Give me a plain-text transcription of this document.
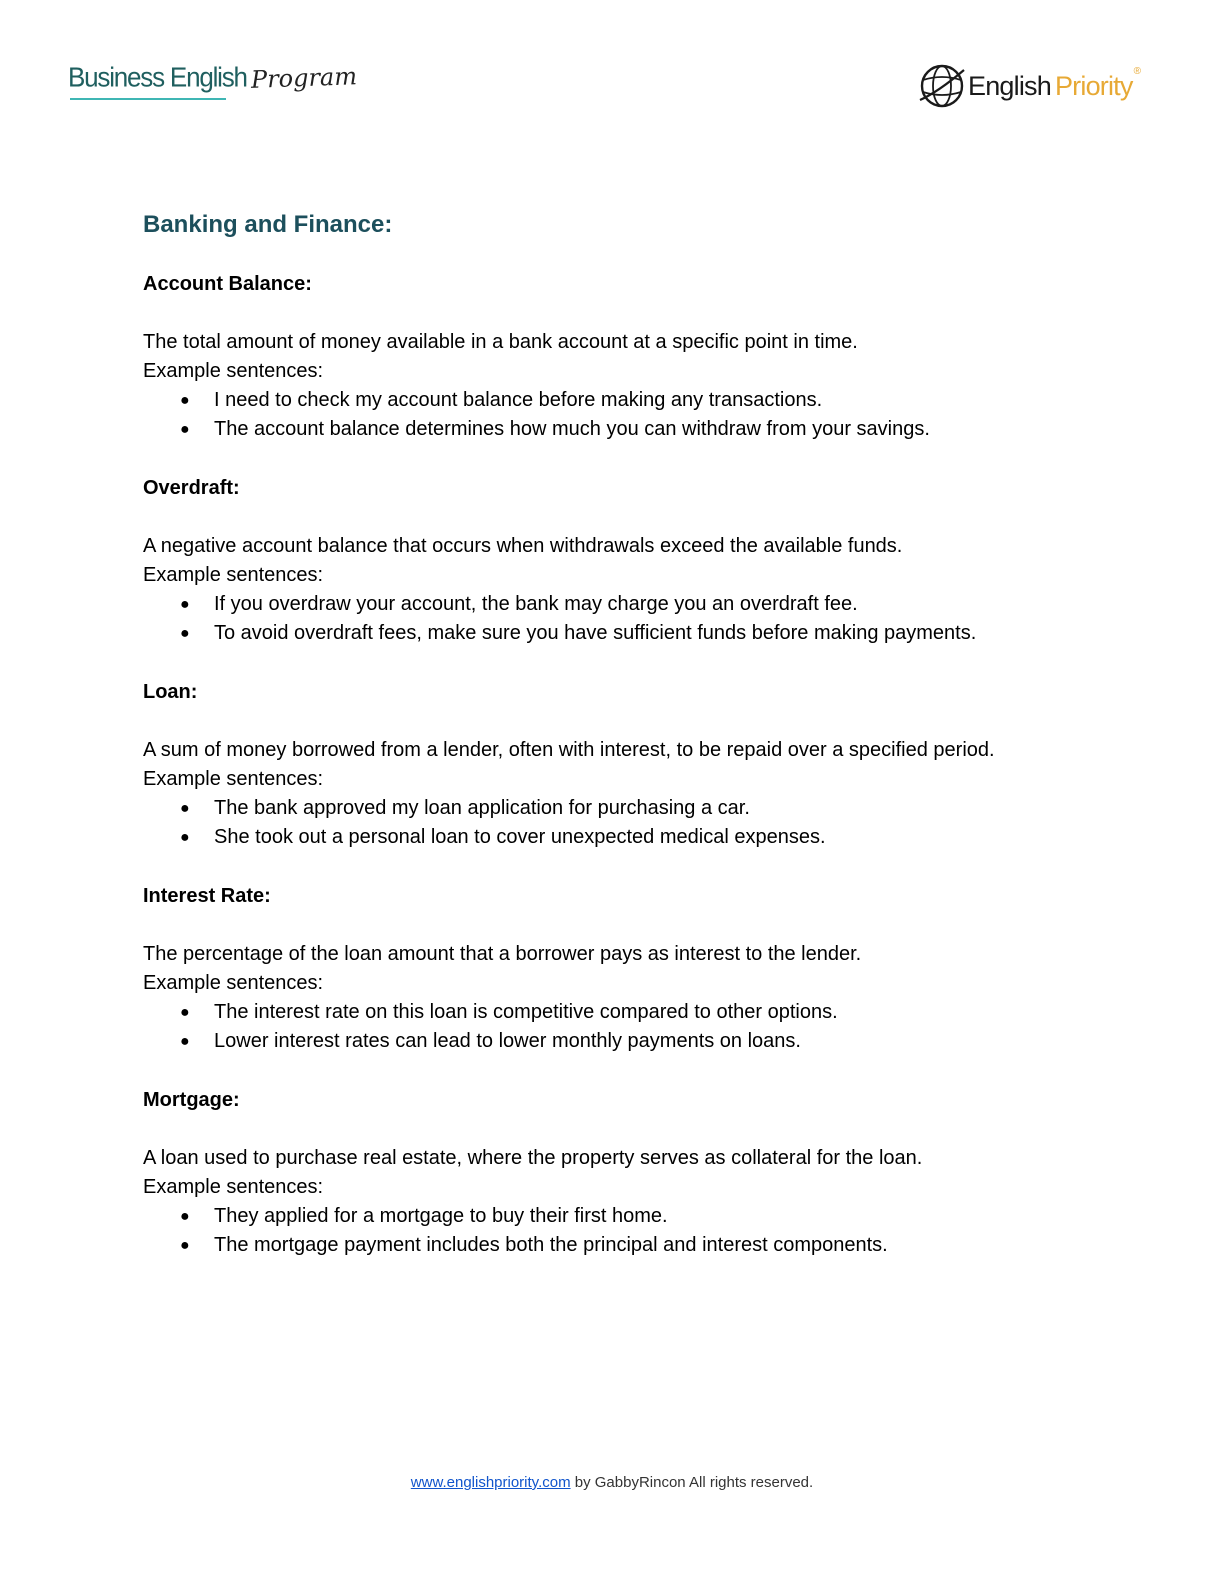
Business English Program	English Priority ®
Banking and Finance:

Account Balance:

The total amount of money available in a bank account at a specific point in time.

Example sentences:

● I need to check my account balance before making any transactions.
● The account balance determines how much you can withdraw from your savings.

Overdraft:

A negative account balance that occurs when withdrawals exceed the available funds.

Example sentences:

● If you overdraw your account, the bank may charge you an overdraft fee.
● To avoid overdraft fees, make sure you have sufficient funds before making payments.

Loan:

A sum of money borrowed from a lender, often with interest, to be repaid over a specified period.

Example sentences:

● The bank approved my loan application for purchasing a car.
● She took out a personal loan to cover unexpected medical expenses.

Interest Rate:

The percentage of the loan amount that a borrower pays as interest to the lender.

Example sentences:

● The interest rate on this loan is competitive compared to other options.
● Lower interest rates can lead to lower monthly payments on loans.

Mortgage:

A loan used to purchase real estate, where the property serves as collateral for the loan.

Example sentences:

● They applied for a mortgage to buy their first home.
● The mortgage payment includes both the principal and interest components.
www.englishpriority.com by GabbyRincon All rights reserved.
